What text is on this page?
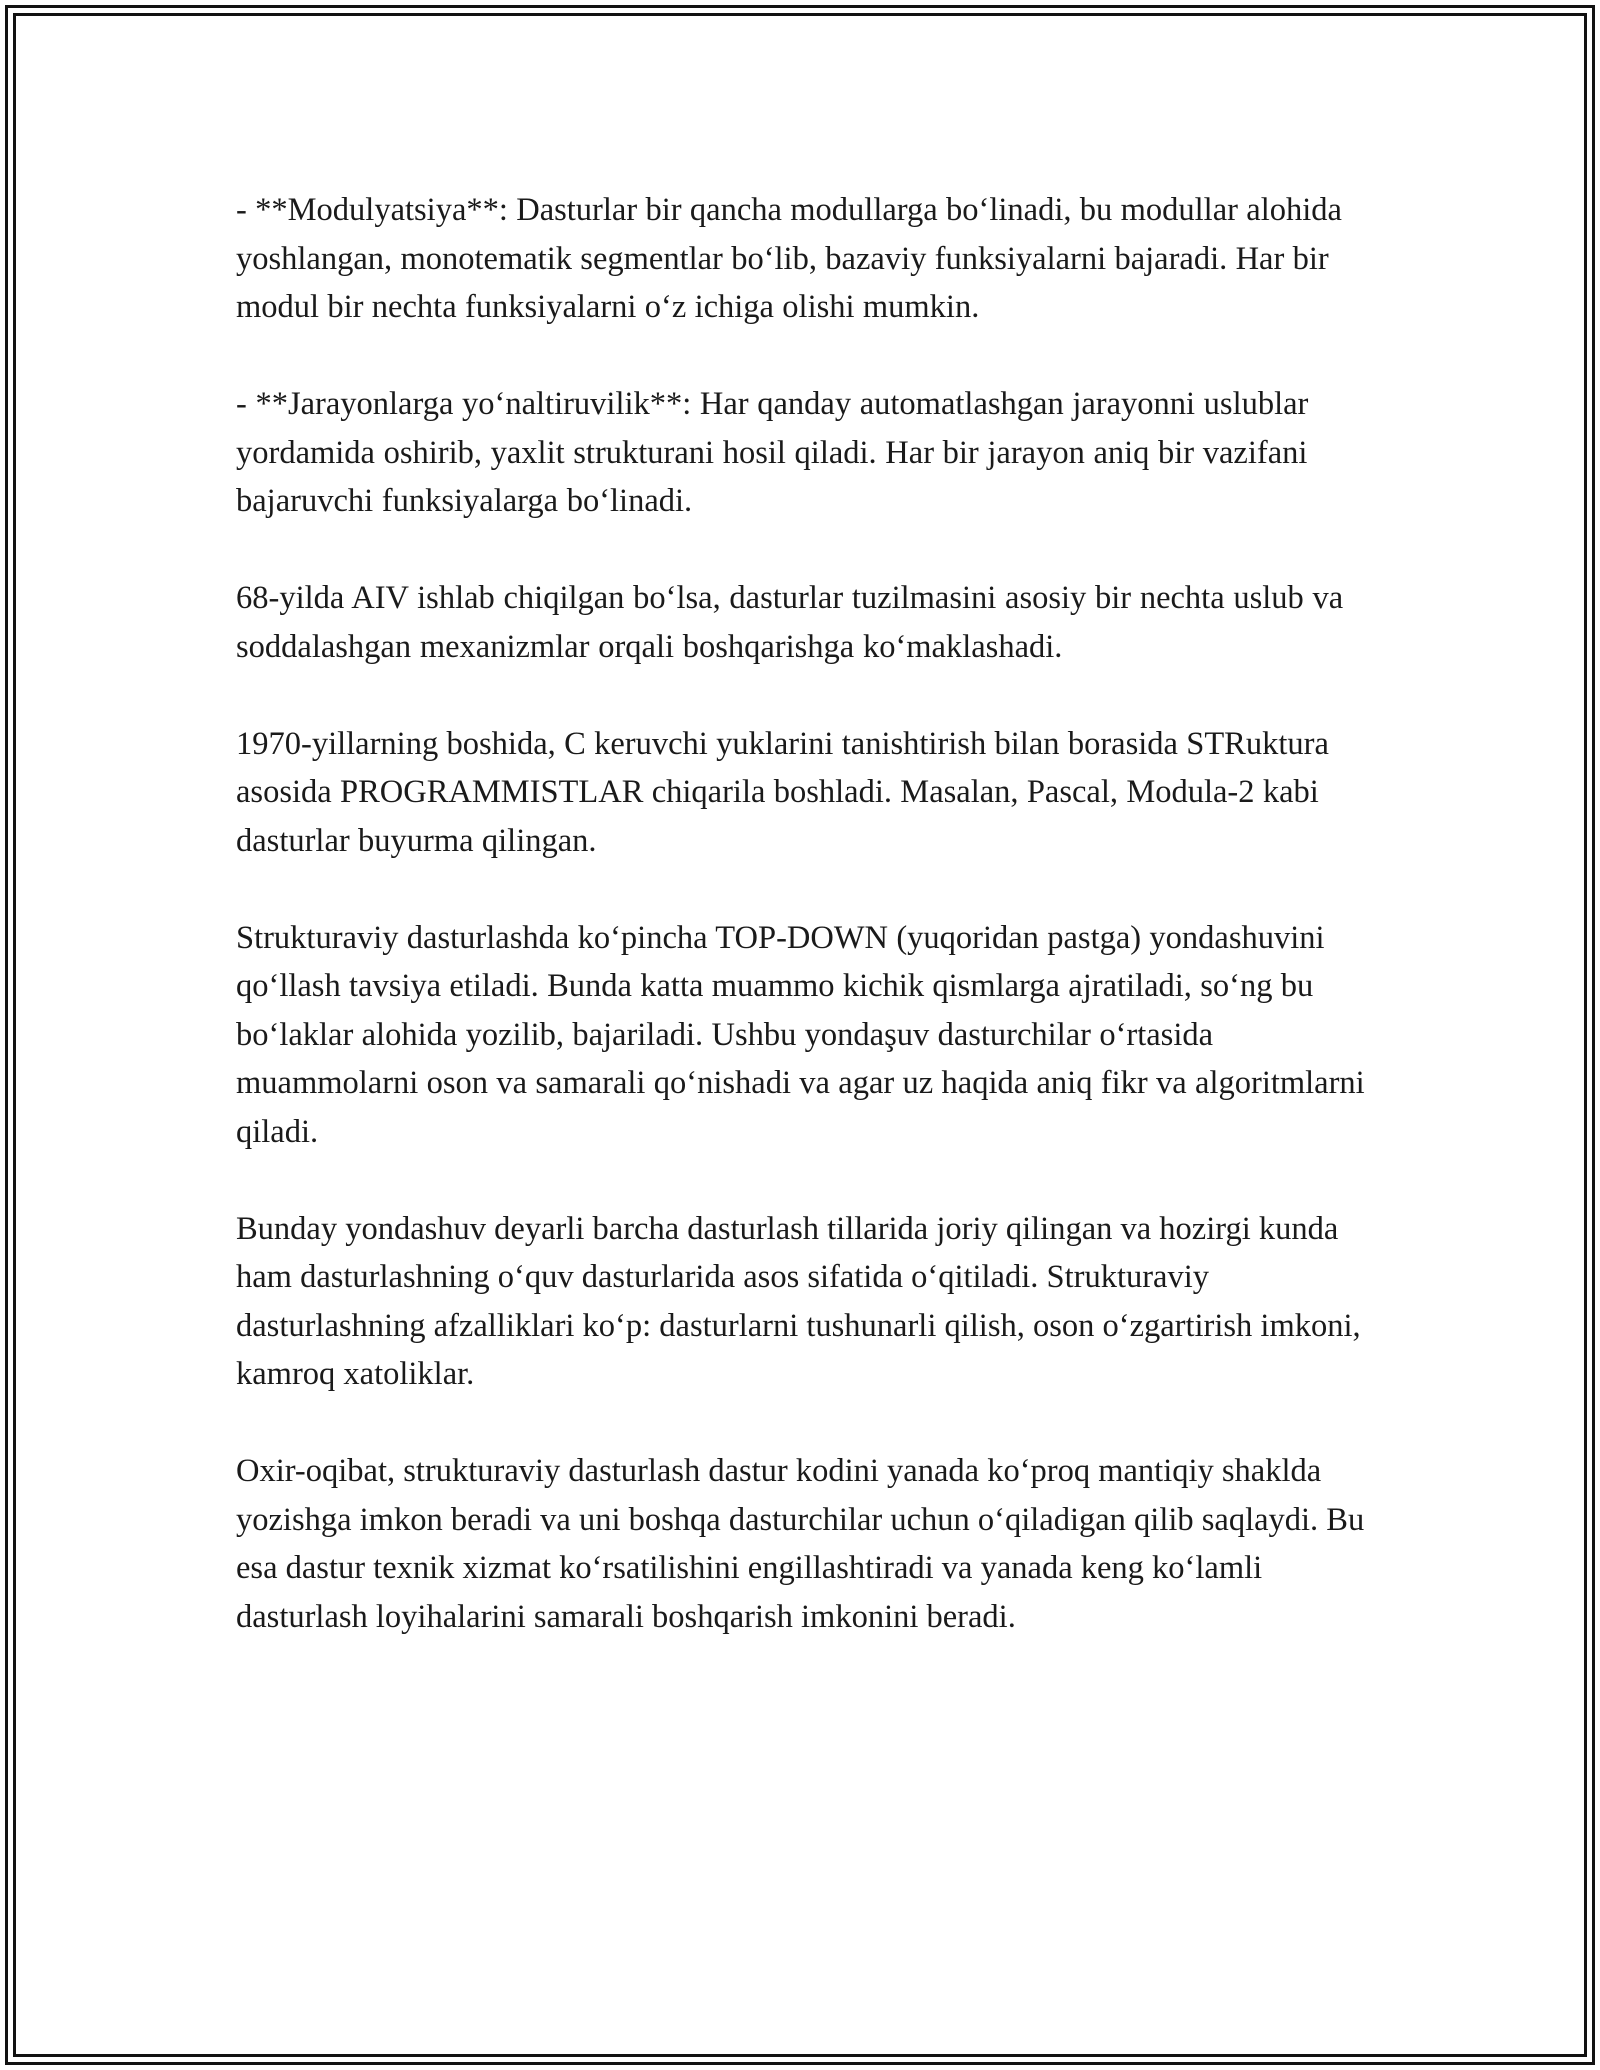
- **Modulyatsiya**: Dasturlar bir qancha modullarga bo‘linadi, bu modullar alohida yoshlangan, monotematik segmentlar bo‘lib, bazaviy funksiyalarni bajaradi. Har bir modul bir nechta funksiyalarni o‘z ichiga olishi mumkin.

- **Jarayonlarga yo‘naltiruvilik**: Har qanday automatlashgan jarayonni uslublar yordamida oshirib, yaxlit strukturani hosil qiladi. Har bir jarayon aniq bir vazifani bajaruvchi funksiyalarga bo‘linadi.

68-yilda AIV ishlab chiqilgan bo‘lsa, dasturlar tuzilmasini asosiy bir nechta uslub va soddalashgan mexanizmlar orqali boshqarishga ko‘maklashadi.

1970-yillarning boshida, C keruvchi yuklarini tanishtirish bilan borasida STRuktura asosida PROGRAMMISTLAR chiqarila boshladi. Masalan, Pascal, Modula-2 kabi dasturlar buyurma qilingan.

Strukturaviy dasturlashda ko‘pincha TOP-DOWN (yuqoridan pastga) yondashuvini qo‘llash tavsiya etiladi. Bunda katta muammo kichik qismlarga ajratiladi, so‘ng bu bo‘laklar alohida yozilib, bajariladi. Ushbu yondaşuv dasturchilar o‘rtasida muammolarni oson va samarali qo‘nishadi va agar uz haqida aniq fikr va algoritmlarni qiladi.

Bunday yondashuv deyarli barcha dasturlash tillarida joriy qilingan va hozirgi kunda ham dasturlashning o‘quv dasturlarida asos sifatida o‘qitiladi. Strukturaviy dasturlashning afzalliklari ko‘p: dasturlarni tushunarli qilish, oson o‘zgartirish imkoni, kamroq xatoliklar.

Oxir-oqibat, strukturaviy dasturlash dastur kodini yanada ko‘proq mantiqiy shaklda yozishga imkon beradi va uni boshqa dasturchilar uchun o‘qiladigan qilib saqlaydi. Bu esa dastur texnik xizmat ko‘rsatilishini engillashtiradi va yanada keng ko‘lamli dasturlash loyihalarini samarali boshqarish imkonini beradi.
